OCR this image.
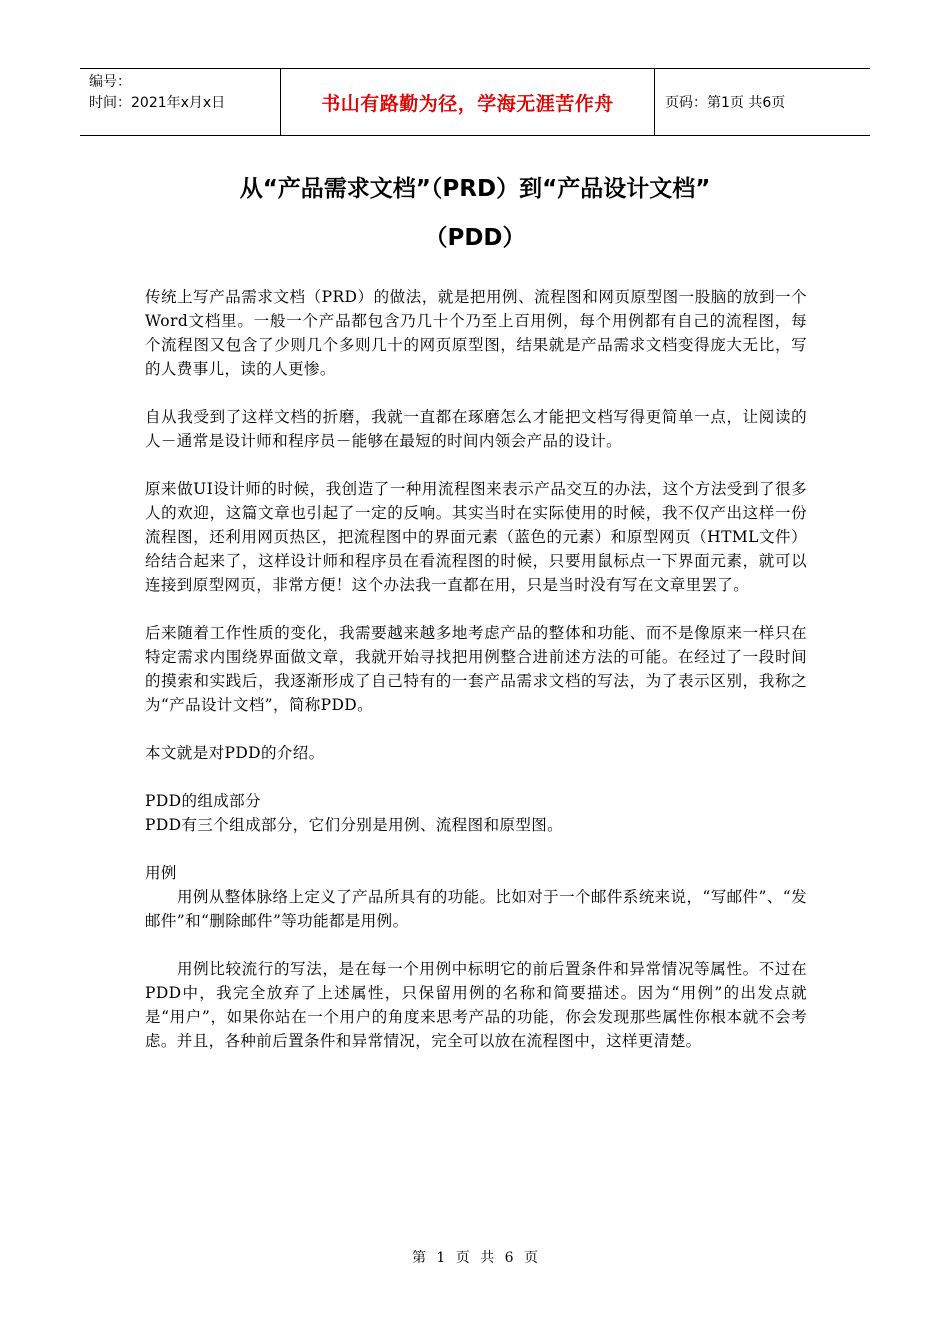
编号：
时间：2021年x月x日	书山有路勤为径，学海无涯苦作舟	页码：第1页 共6页
从“产品需求文档”（PRD）到“产品设计文档”
（PDD）

传统上写产品需求文档（PRD）的做法，就是把用例、流程图和网页原型图一股脑的放到一个Word文档里。一般一个产品都包含乃几十个乃至上百用例，每个用例都有自己的流程图，每个流程图又包含了少则几个多则几十的网页原型图，结果就是产品需求文档变得庞大无比，写的人费事儿，读的人更惨。

自从我受到了这样文档的折磨，我就一直都在琢磨怎么才能把文档写得更简单一点，让阅读的人－通常是设计师和程序员－能够在最短的时间内领会产品的设计。

原来做UI设计师的时候，我创造了一种用流程图来表示产品交互的办法，这个方法受到了很多人的欢迎，这篇文章也引起了一定的反响。其实当时在实际使用的时候，我不仅产出这样一份流程图，还利用网页热区，把流程图中的界面元素（蓝色的元素）和原型网页（HTML文件）给结合起来了，这样设计师和程序员在看流程图的时候，只要用鼠标点一下界面元素，就可以连接到原型网页，非常方便！这个办法我一直都在用，只是当时没有写在文章里罢了。

后来随着工作性质的变化，我需要越来越多地考虑产品的整体和功能、而不是像原来一样只在特定需求内围绕界面做文章，我就开始寻找把用例整合进前述方法的可能。在经过了一段时间的摸索和实践后，我逐渐形成了自己特有的一套产品需求文档的写法，为了表示区别，我称之为“产品设计文档”，简称PDD。

本文就是对PDD的介绍。

PDD的组成部分

PDD有三个组成部分，它们分别是用例、流程图和原型图。

用例

用例从整体脉络上定义了产品所具有的功能。比如对于一个邮件系统来说，“写邮件”、“发邮件”和“删除邮件”等功能都是用例。

用例比较流行的写法，是在每一个用例中标明它的前后置条件和异常情况等属性。不过在PDD中，我完全放弃了上述属性，只保留用例的名称和简要描述。因为“用例”的出发点就是“用户”，如果你站在一个用户的角度来思考产品的功能，你会发现那些属性你根本就不会考虑。并且，各种前后置条件和异常情况，完全可以放在流程图中，这样更清楚。

第 1 页 共 6 页
